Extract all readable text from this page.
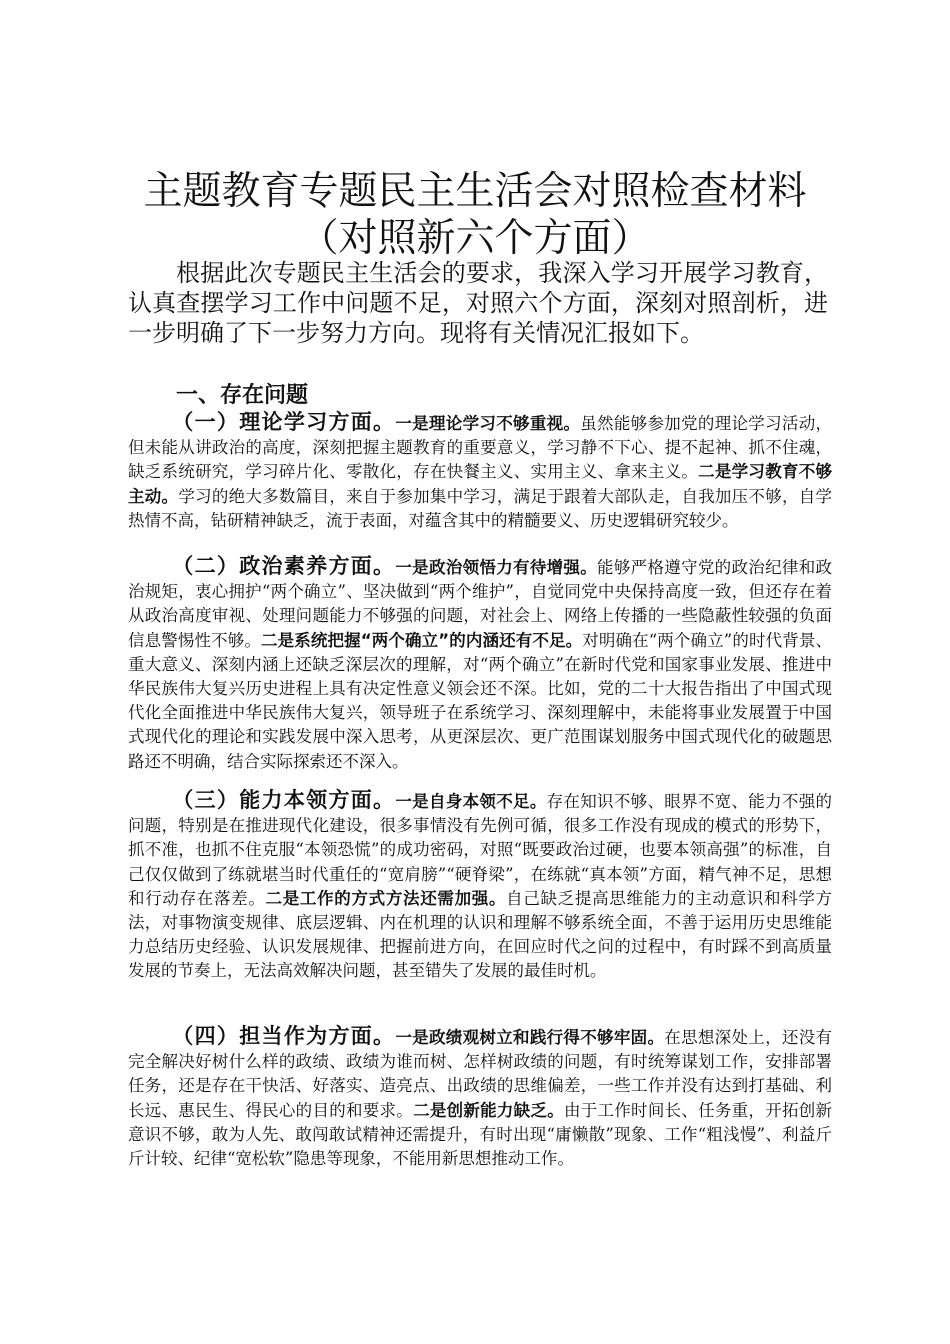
主题教育专题民主生活会对照检查材料（对照新六个方面）
根据此次专题民主生活会的要求，我深入学习开展学习教育，认真查摆学习工作中问题不足，对照六个方面，深刻对照剖析，进一步明确了下一步努力方向。现将有关情况汇报如下。
一、存在问题
（一）理论学习方面。一是理论学习不够重视。虽然能够参加党的理论学习活动，但未能从讲政治的高度，深刻把握主题教育的重要意义，学习静不下心、提不起神、抓不住魂，缺乏系统研究，学习碎片化、零散化，存在快餐主义、实用主义、拿来主义。二是学习教育不够主动。学习的绝大多数篇目，来自于参加集中学习，满足于跟着大部队走，自我加压不够，自学热情不高，钻研精神缺乏，流于表面，对蕴含其中的精髓要义、历史逻辑研究较少。
（二）政治素养方面。一是政治领悟力有待增强。能够严格遵守党的政治纪律和政治规矩，衷心拥护“两个确立”、坚决做到“两个维护”，自觉同党中央保持高度一致，但还存在着从政治高度审视、处理问题能力不够强的问题，对社会上、网络上传播的一些隐蔽性较强的负面信息警惕性不够。二是系统把握“两个确立”的内涵还有不足。对明确在“两个确立”的时代背景、重大意义、深刻内涵上还缺乏深层次的理解，对“两个确立”在新时代党和国家事业发展、推进中华民族伟大复兴历史进程上具有决定性意义领会还不深。比如，党的二十大报告指出了中国式现代化全面推进中华民族伟大复兴，领导班子在系统学习、深刻理解中，未能将事业发展置于中国式现代化的理论和实践发展中深入思考，从更深层次、更广范围谋划服务中国式现代化的破题思路还不明确，结合实际探索还不深入。
（三）能力本领方面。一是自身本领不足。存在知识不够、眼界不宽、能力不强的问题，特别是在推进现代化建设，很多事情没有先例可循，很多工作没有现成的模式的形势下，抓不准，也抓不住克服“本领恐慌”的成功密码，对照“既要政治过硬，也要本领高强”的标准，自己仅仅做到了练就堪当时代重任的“宽肩膀”“硬脊梁”，在练就“真本领”方面，精气神不足，思想和行动存在落差。二是工作的方式方法还需加强。自己缺乏提高思维能力的主动意识和科学方法，对事物演变规律、底层逻辑、内在机理的认识和理解不够系统全面，不善于运用历史思维能力总结历史经验、认识发展规律、把握前进方向，在回应时代之问的过程中，有时踩不到高质量发展的节奏上，无法高效解决问题，甚至错失了发展的最佳时机。
（四）担当作为方面。一是政绩观树立和践行得不够牢固。在思想深处上，还没有完全解决好树什么样的政绩、政绩为谁而树、怎样树政绩的问题，有时统筹谋划工作，安排部署任务，还是存在干快活、好落实、造亮点、出政绩的思维偏差，一些工作并没有达到打基础、利长远、惠民生、得民心的目的和要求。二是创新能力缺乏。由于工作时间长、任务重，开拓创新意识不够，敢为人先、敢闯敢试精神还需提升，有时出现“庸懒散”现象、工作“粗浅慢”、利益斤斤计较、纪律“宽松软”隐患等现象，不能用新思想推动工作。
